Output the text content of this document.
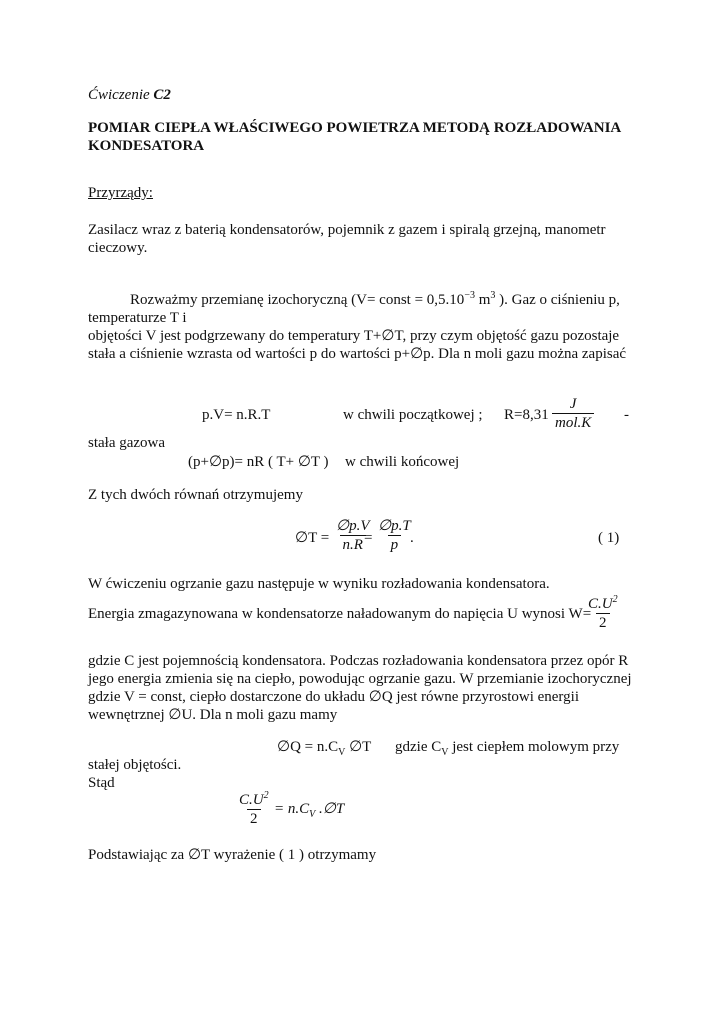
Ćwiczenie C2
POMIAR CIEPŁA WŁAŚCIWEGO POWIETRZA METODĄ ROZŁADOWANIA
KONDESATORA
Przyrządy:
Zasilacz wraz z baterią kondensatorów, pojemnik z gazem i spiralą grzejną, manometr
cieczowy.
Rozważmy przemianę izochoryczną (V= const = $0,5.10^{-3}$ $m^3$ ). Gaz o ciśnieniu p,
temperaturze T i
objętości V jest podgrzewany do temperatury T+∅T, przy czym objętość gazu pozostaje
stała a ciśnienie wzrasta od wartości p do wartości p+∅p. Dla n moli gazu można zapisać
p.V= n.R.T	w chwili początkowej ; R=8,31
J
mol.K
-
stała gazowa
(p+∅p)= nR ( T+ ∅T ) w chwili końcowej
Z tych dwóch równań otrzymujemy
∅T = $\frac{\emptyset p.V}{n.R}$
= $\frac{\emptyset p.T}{p}$
.	( 1)
W ćwiczeniu ogrzanie gazu następuje w wyniku rozładowania kondensatora.
Energia zmagazynowana w kondensatorze naładowanym do napięcia U wynosi W=
$\frac{C.U^2}{2}$
gdzie C jest pojemnością kondensatora. Podczas rozładowania kondensatora przez opór R
jego energia zmienia się na ciepło, powodując ogrzanie gazu. W przemianie izochorycznej
gdzie V = const, ciepło dostarczone do układu ∅Q jest równe przyrostowi energii
wewnętrznej ∅U. Dla n moli gazu mamy
∅Q = $n.C_V$ ∅T gdzie $C_V$ jest ciepłem molowym przy
stałej objętości.
Stąd
$\frac{C.U^2}{2} = n.C_V$ .∅T
Podstawiając za ∅T wyrażenie ( 1 ) otrzymamy
